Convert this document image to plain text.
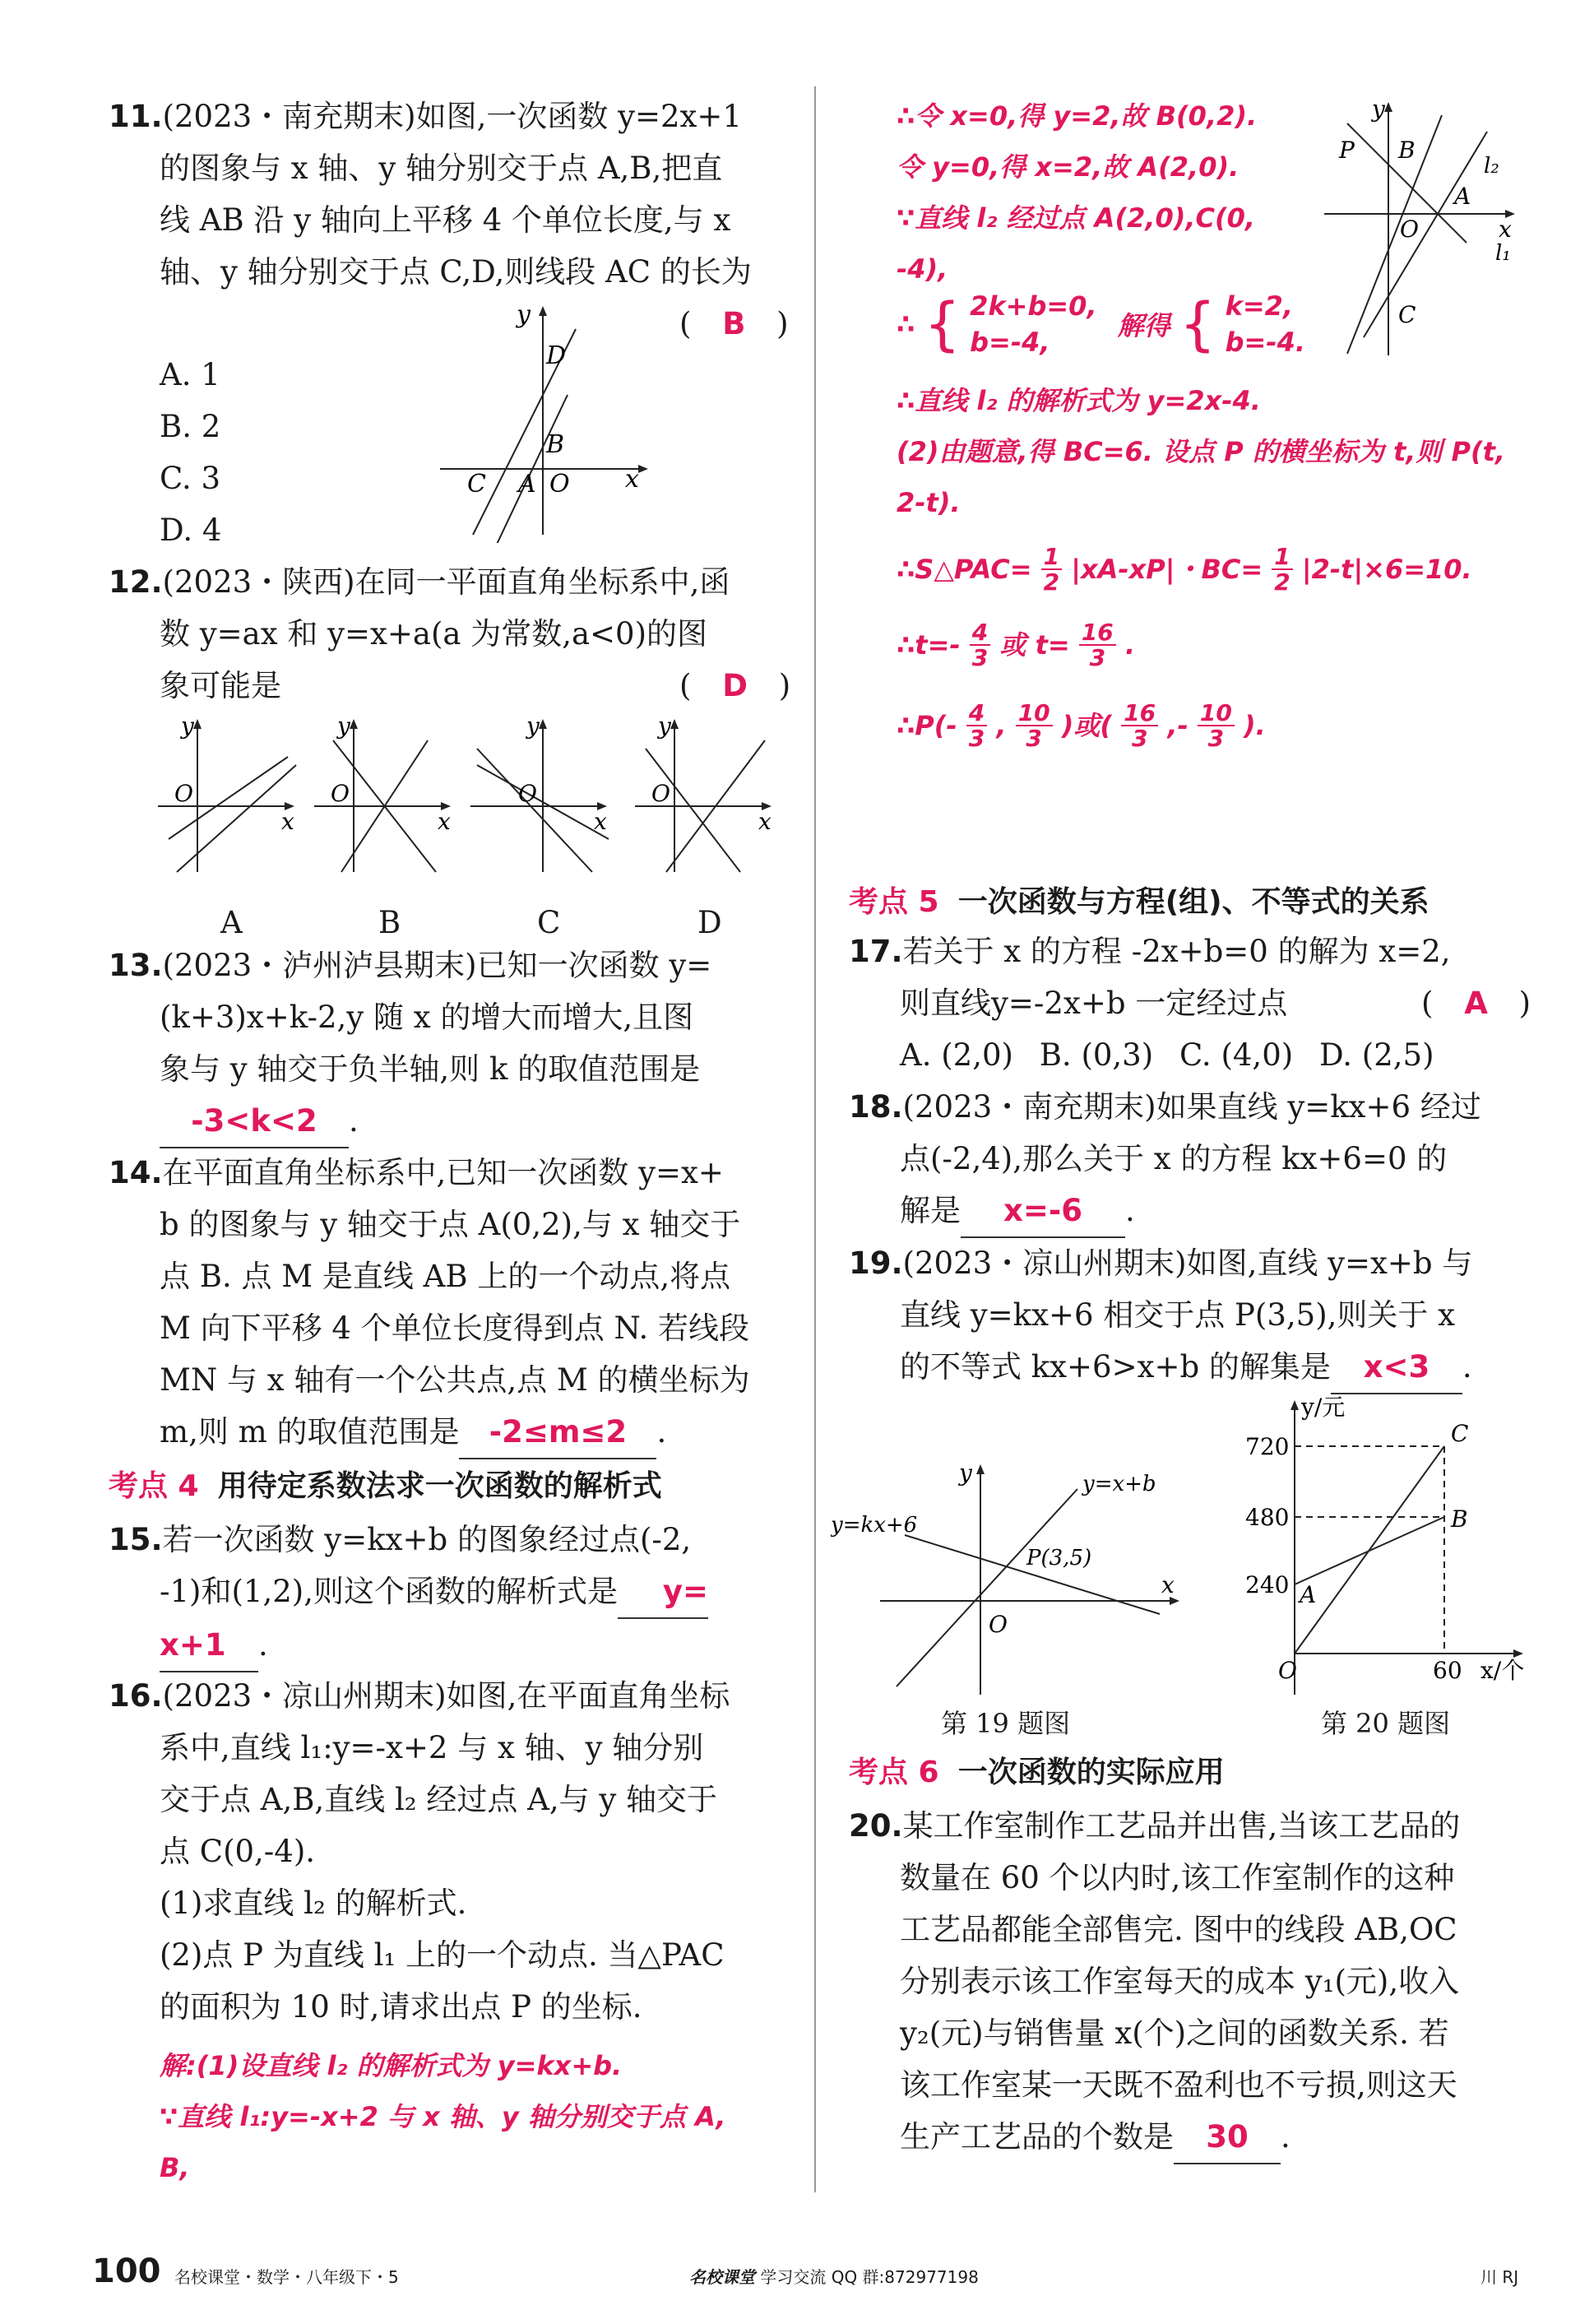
11.(2023・南充期末)如图,一次函数 y=2x+1
的图象与 x 轴、y 轴分别交于点 A,B,把直
线 AB 沿 y 轴向上平移 4 个单位长度,与 x
轴、y 轴分别交于点 C,D,则线段 AC 的长为
( B )
A. 1
B. 2
C. 3
D. 4
y
x
D
B
C A O
12.(2023・陕西)在同一平面直角坐标系中,函
数 y=ax 和 y=x+a(a 为常数,a<0)的图
象可能是	( D )
y
x
O
y
x
O
y
x
O
y
x
O
A	B	C	D
13.(2023・泸州泸县期末)已知一次函数 y=
(k+3)x+k-2,y 随 x 的增大而增大,且图
象与 y 轴交于负半轴,则 k 的取值范围是
-3<k<2 .
14.在平面直角坐标系中,已知一次函数 y=x+
b 的图象与 y 轴交于点 A(0,2),与 x 轴交于
点 B. 点 M 是直线 AB 上的一个动点,将点
M 向下平移 4 个单位长度得到点 N. 若线段
MN 与 x 轴有一个公共点,点 M 的横坐标为
m,则 m 的取值范围是 -2≤m≤2 .
考点 4 用待定系数法求一次函数的解析式
15.若一次函数 y=kx+b 的图象经过点(-2,
-1)和(1,2),则这个函数的解析式是 y=
x+1 .
16.(2023・凉山州期末)如图,在平面直角坐标
系中,直线 l₁:y=-x+2 与 x 轴、y 轴分别
交于点 A,B,直线 l₂ 经过点 A,与 y 轴交于
点 C(0,-4).
(1)求直线 l₂ 的解析式.
(2)点 P 为直线 l₁ 上的一个动点. 当△PAC
的面积为 10 时,请求出点 P 的坐标.
解:(1)设直线 l₂ 的解析式为 y=kx+b.
∵直线 l₁:y=-x+2 与 x 轴、y 轴分别交于点 A,
B,
∴令 x=0,得 y=2,故 B(0,2).
令 y=0,得 x=2,故 A(2,0).
∵直线 l₂ 经过点 A(2,0),C(0,
-4),
∴ { 2k+b=0,
b=-4,
解得 { k=2,
b=-4.
∴直线 l₂ 的解析式为 y=2x-4.
(2)由题意,得 BC=6. 设点 P 的横坐标为 t,则 P(t,
2-t).
∴S△PAC= $\frac{1}{2} |xA-xP|$・$BC= \frac{1}{2} |2-t|\times 6=10$.
∴t=- $\frac{4}{3}$ 或 $t= \frac{16}{3}$ .
∴P(- $\frac{4}{3}$ , $\frac{10}{3}$ )或( $\frac{16}{3}$ ,- $\frac{10}{3}$ ).
y
x
P B
l₂
A
O
l₁
C
考点 5 一次函数与方程(组)、不等式的关系
17.若关于 x 的方程 -2x+b=0 的解为 x=2,
则直线y=-2x+b 一定经过点	( A )
A. (2,0) B. (0,3) C. (4,0) D. (2,5)
18.(2023・南充期末)如果直线 y=kx+6 经过
点(-2,4),那么关于 x 的方程 kx+6=0 的
解是 x=-6 .
19.(2023・凉山州期末)如图,直线 y=x+b 与
直线 y=kx+6 相交于点 P(3,5),则关于 x
的不等式 kx+6>x+b 的解集是 x<3 .
y
x
O
y=kx+6
y=x+b
P(3,5)
第 19 题图
y/元
x/个
720
480
240
60
O
A
B
C
第 20 题图
考点 6 一次函数的实际应用
20.某工作室制作工艺品并出售,当该工艺品的
数量在 60 个以内时,该工作室制作的这种
工艺品都能全部售完. 图中的线段 AB,OC
分别表示该工作室每天的成本 y₁(元),收入
y₂(元)与销售量 x(个)之间的函数关系. 若
该工作室某一天既不盈利也不亏损,则这天
生产工艺品的个数是 30 .
100 名校课堂・数学・八年级下・5	名校课堂 学习交流 QQ 群:872977198	川 RJ
